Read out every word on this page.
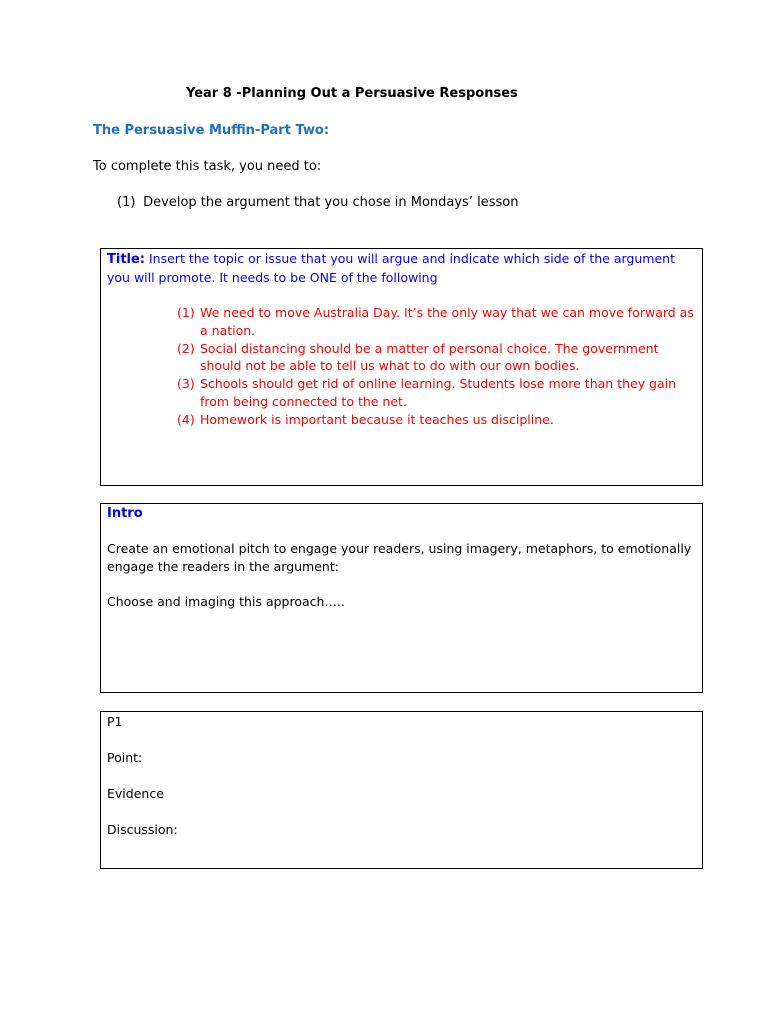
Year 8 -Planning Out a Persuasive Responses
The Persuasive Muffin-Part Two:
To complete this task, you need to:
(1) Develop the argument that you chose in Mondays’ lesson

Title: Insert the topic or issue that you will argue and indicate which side of the argument you will promote. It needs to be ONE of the following

(1) We need to move Australia Day. It’s the only way that we can move forward as a nation.
(2) Social distancing should be a matter of personal choice. The government should not be able to tell us what to do with our own bodies.
(3) Schools should get rid of online learning. Students lose more than they gain from being connected to the net.
(4) Homework is important because it teaches us discipline.
Intro

Create an emotional pitch to engage your readers, using imagery, metaphors, to emotionally engage the readers in the argument:

Choose and imaging this approach…..

P1

Point:

Evidence

Discussion:
